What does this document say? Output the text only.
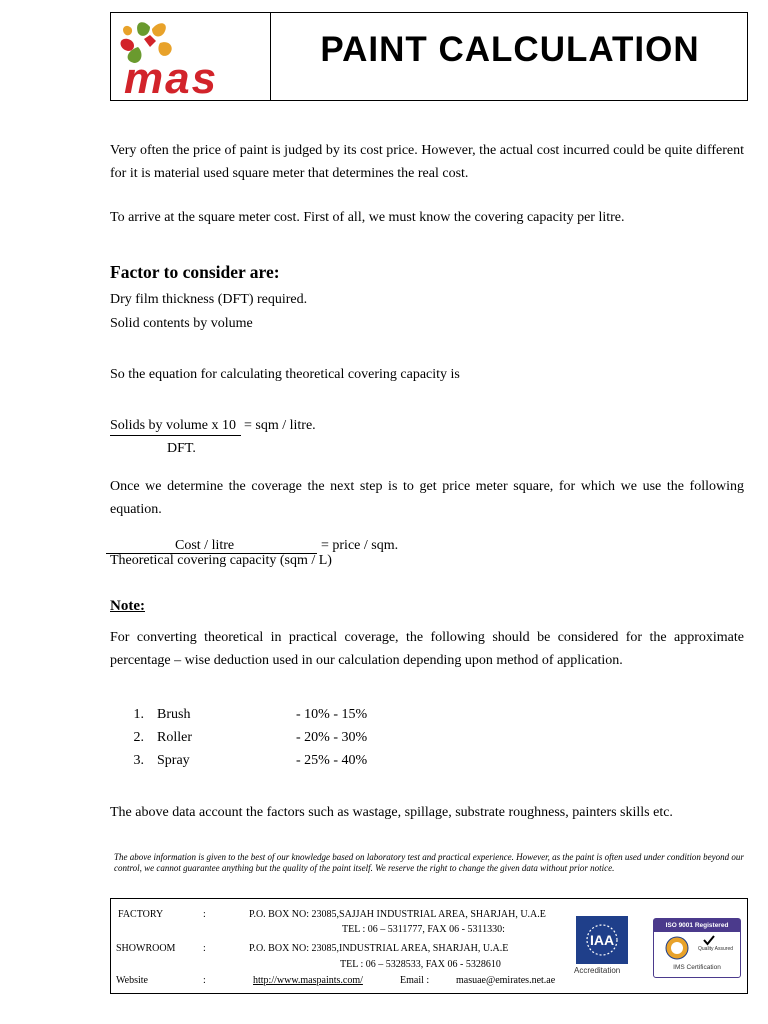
mas
PAINT CALCULATION
Very often the price of paint is judged by its cost price. However, the actual cost incurred could be quite different for it is material used square meter that determines the real cost.
To arrive at the square meter cost. First of all, we must know the covering capacity per litre.
Factor to consider are:
Dry film thickness (DFT) required.
Solid contents by volume
So the equation for calculating theoretical covering capacity is
Solids by volume x 10 = sqm / litre.
DFT.
Once we determine the coverage the next step is to get price meter square, for which we use the following equation.
Cost / litre	= price / sqm.
Theoretical covering capacity (sqm / L)
Note:
For converting theoretical in practical coverage, the following should be considered for the approximate percentage – wise deduction used in our calculation depending upon method of application.
1. Brush	- 10% - 15%
2. Roller	- 20% - 30%
3. Spray	- 25% - 40%
The above data account the factors such as wastage, spillage, substrate roughness, painters skills etc.
The above information is given to the best of our knowledge based on laboratory test and practical experience. However, as the paint is often used under condition beyond our control, we cannot guarantee anything but the quality of the paint itself. We reserve the right to change the given data without prior notice.
FACTORY	:	P.O. BOX NO: 23085,SAJJAH INDUSTRIAL AREA, SHARJAH, U.A.E
TEL : 06 – 5311777, FAX 06 - 5311330:
SHOWROOM	:	P.O. BOX NO: 23085,INDUSTRIAL AREA, SHARJAH, U.A.E
TEL : 06 – 5328533, FAX 06 - 5328610
Website	:	http://www.maspaints.com/	Email :	masuae@emirates.net.ae
IAA
Accreditation
ISO 9001 Registered
Quality Assured
IMS Certification
